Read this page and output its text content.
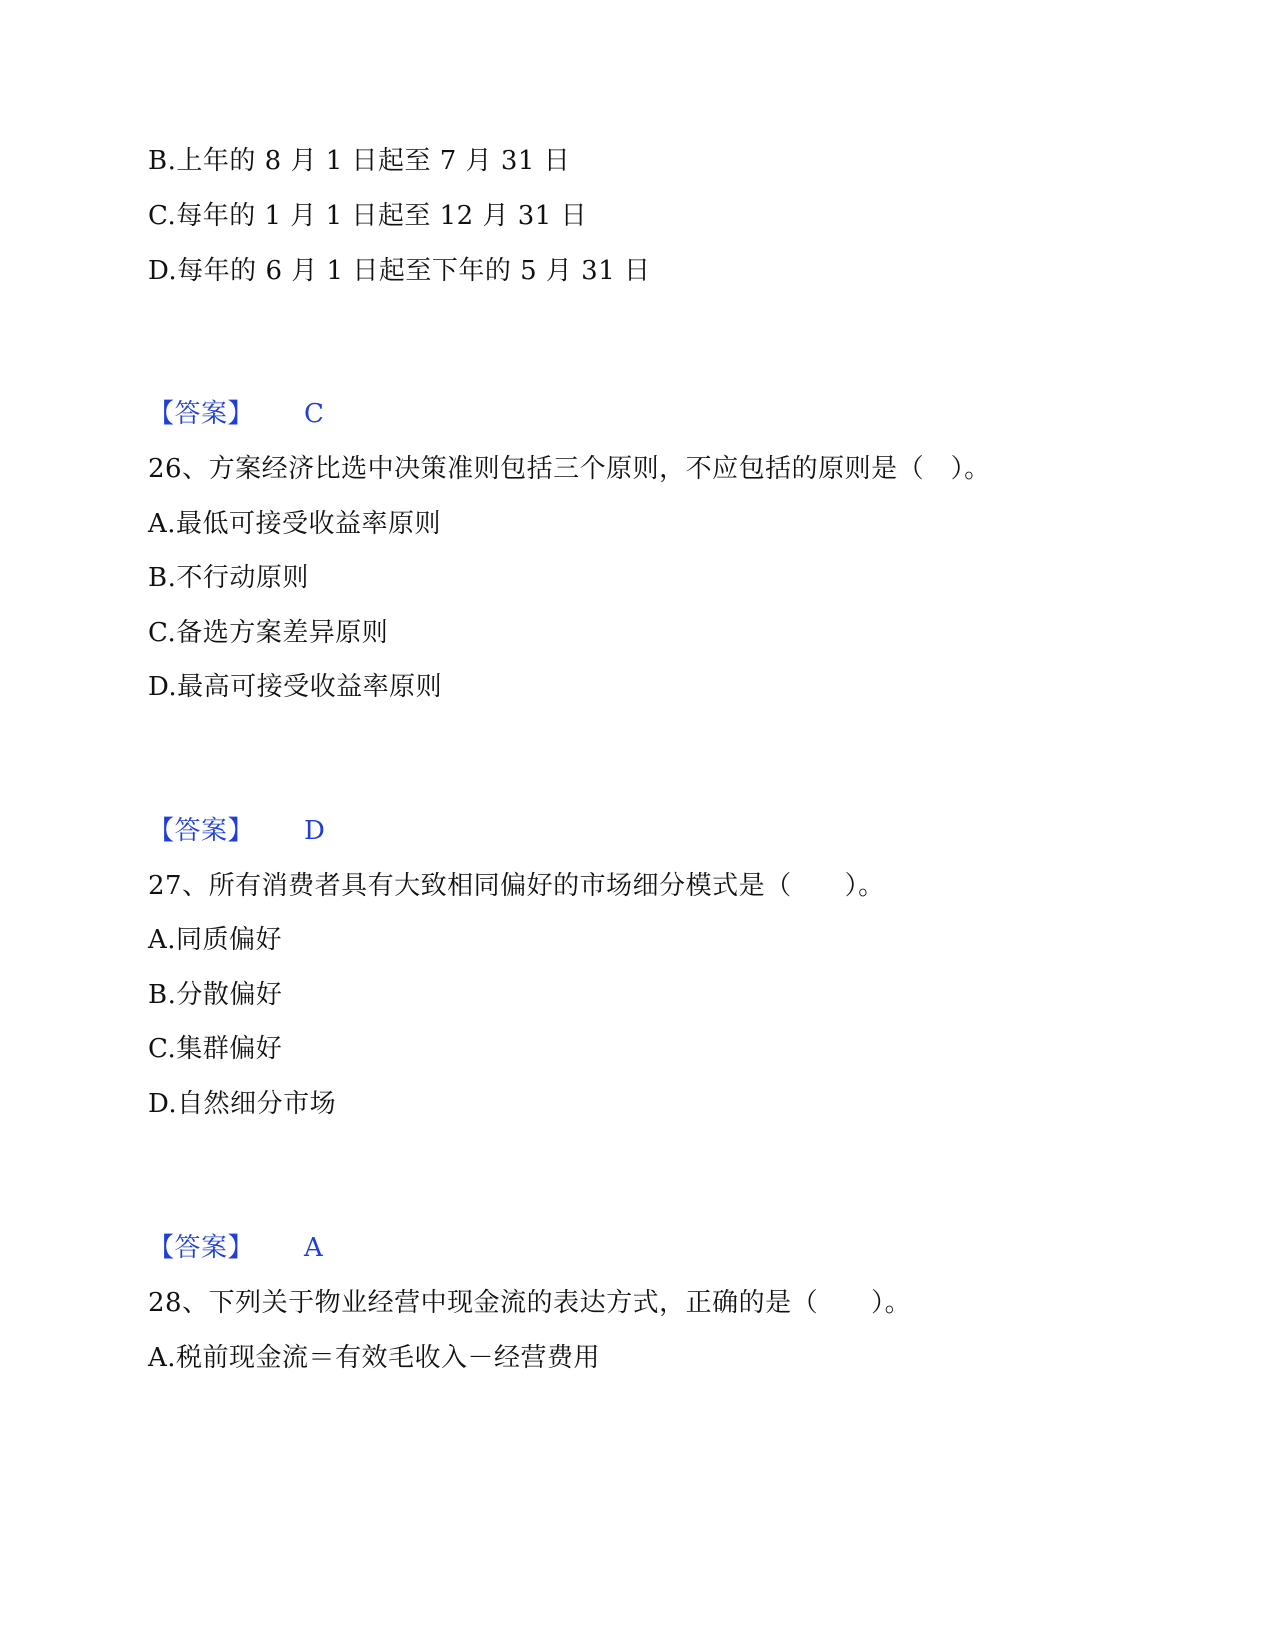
B.上年的 8 月 1 日起至 7 月 31 日
C.每年的 1 月 1 日起至 12 月 31 日
D.每年的 6 月 1 日起至下年的 5 月 31 日
【答案】 C
26、方案经济比选中决策准则包括三个原则，不应包括的原则是（　）。
A.最低可接受收益率原则
B.不行动原则
C.备选方案差异原则
D.最高可接受收益率原则
【答案】 D
27、所有消费者具有大致相同偏好的市场细分模式是（　　）。
A.同质偏好
B.分散偏好
C.集群偏好
D.自然细分市场
【答案】 A
28、下列关于物业经营中现金流的表达方式，正确的是（　　）。
A.税前现金流＝有效毛收入－经营费用
